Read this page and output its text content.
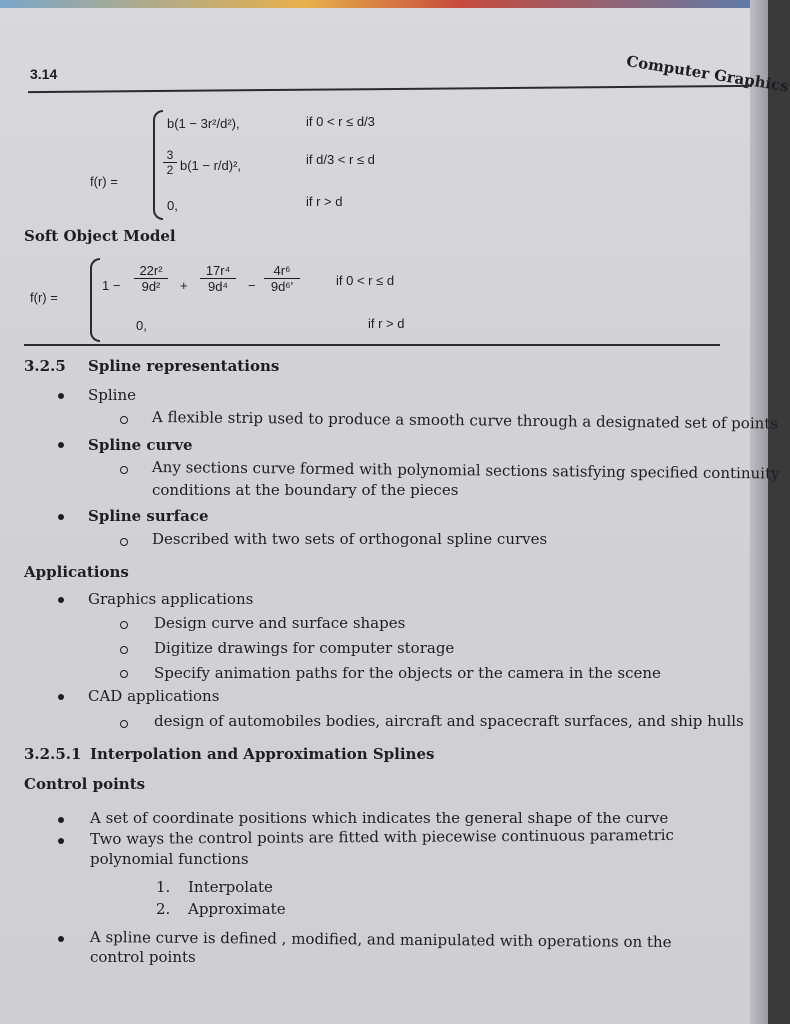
3.14	Computer Graphics
f(r) =
b(1 − 3r²/d²),	if 0 < r ≤ d/3
$\frac{3}{2} b(1 - r/d)^2$,	if d/3 < r ≤ d
0,	if r > d
Soft Object Model
f(r) =
$1 - \frac{\text{22r²}}{\text{9d²}} + \frac{\text{17r⁴}}{\text{9d⁴}} - \frac{\text{4r⁶}}{\text{9d⁶'}}$	if 0 < r ≤ d
0,	if r > d
3.2.5 Spline representations
Spline
A flexible strip used to produce a smooth curve through a designated set of points
Spline curve
Any sections curve formed with polynomial sections satisfying specified continuity
conditions at the boundary of the pieces
Spline surface
Described with two sets of orthogonal spline curves
Applications
Graphics applications
Design curve and surface shapes
Digitize drawings for computer storage
Specify animation paths for the objects or the camera in the scene
CAD applications
design of automobiles bodies, aircraft and spacecraft surfaces, and ship hulls
3.2.5.1 Interpolation and Approximation Splines
Control points
A set of coordinate positions which indicates the general shape of the curve
Two ways the control points are fitted with piecewise continuous parametric
polynomial functions
1. Interpolate
2. Approximate
A spline curve is defined , modified, and manipulated with operations on the
control points
